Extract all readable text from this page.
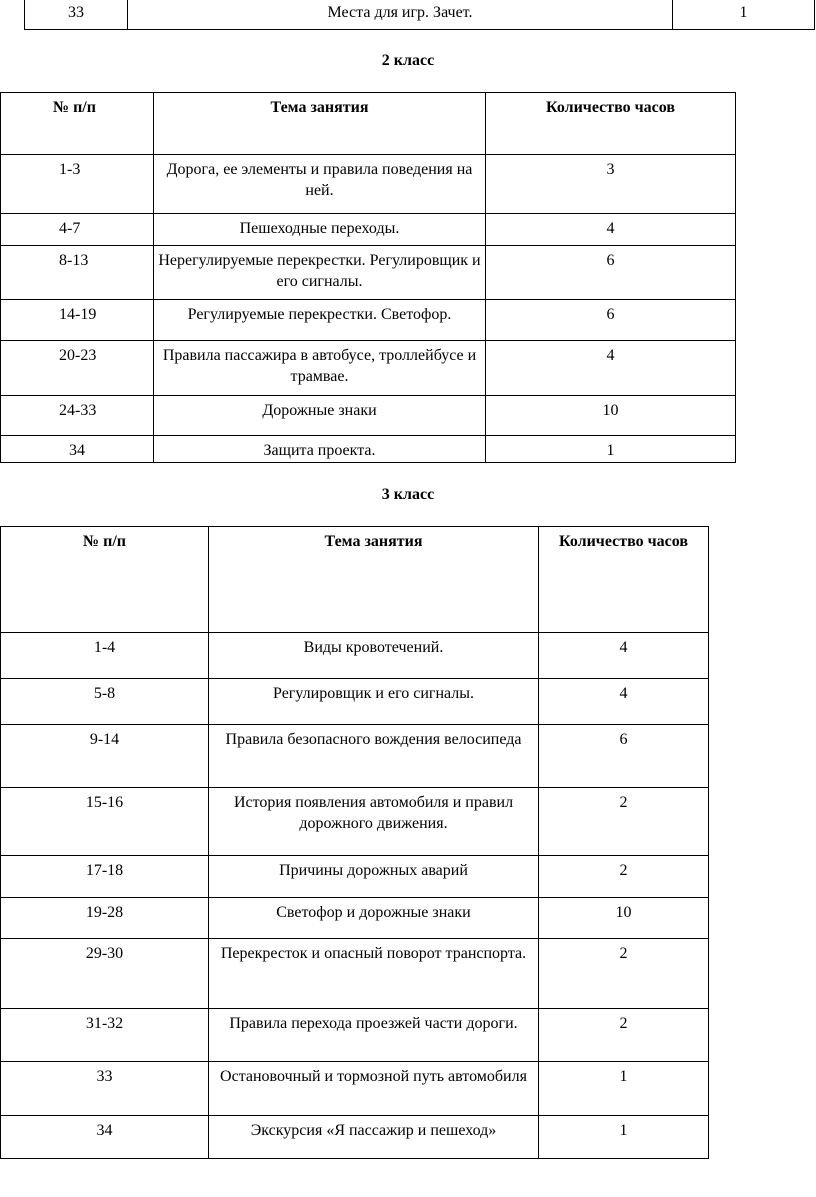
33	Места для игр. Зачет.	1
2 класс
№ п/п	Тема занятия	Количество часов
1-3	Дорога, ее элементы и правила поведения на ней.	3
4-7	Пешеходные переходы.	4
8-13	Нерегулируемые перекрестки. Регулировщик и его сигналы.	6
14-19	Регулируемые перекрестки. Светофор.	6
20-23	Правила пассажира в автобусе, троллейбусе и трамвае.	4
24-33	Дорожные знаки	10
34	Защита проекта.	1
3 класс
№ п/п	Тема занятия	Количество часов
1-4	Виды кровотечений.	4
5-8	Регулировщик и его сигналы.	4
9-14	Правила безопасного вождения велосипеда	6
15-16	История появления автомобиля и правил дорожного движения.	2
17-18	Причины дорожных аварий	2
19-28	Светофор и дорожные знаки	10
29-30	Перекресток и опасный поворот транспорта.	2
31-32	Правила перехода проезжей части дороги.	2
33	Остановочный и тормозной путь автомобиля	1
34	Экскурсия «Я пассажир и пешеход»	1
